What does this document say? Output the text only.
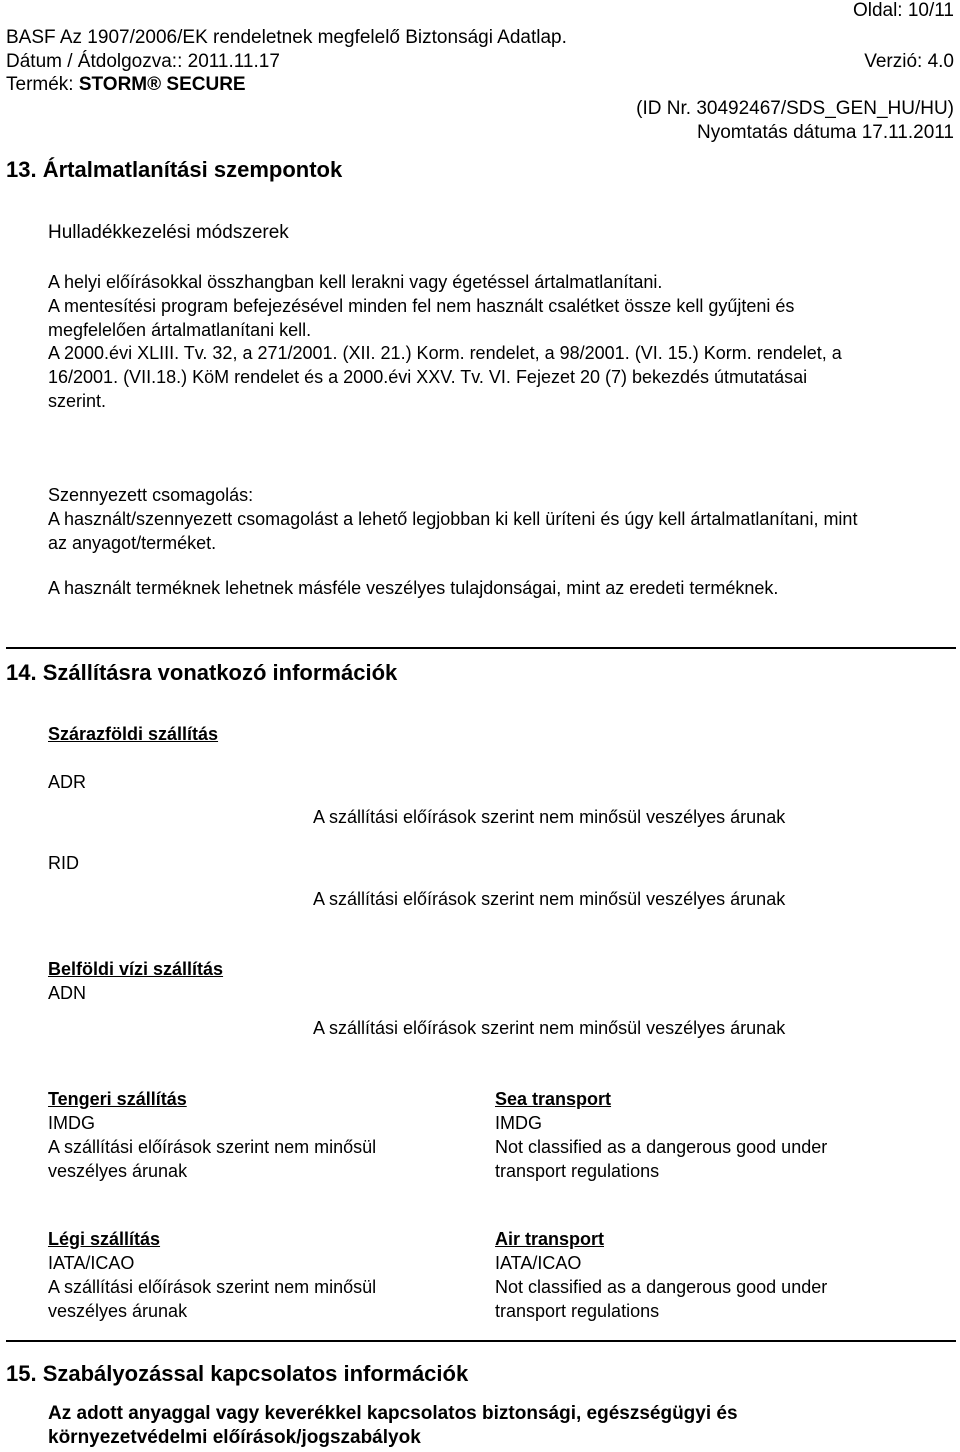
Oldal: 10/11
BASF Az 1907/2006/EK rendeletnek megfelelő Biztonsági Adatlap.
Dátum / Átdolgozva:: 2011.11.17	Verzió: 4.0
Termék: STORM® SECURE
(ID Nr. 30492467/SDS_GEN_HU/HU)
Nyomtatás dátuma 17.11.2011
13. Ártalmatlanítási szempontok
Hulladékkezelési módszerek
A helyi előírásokkal összhangban kell lerakni vagy égetéssel ártalmatlanítani.
A mentesítési program befejezésével minden fel nem használt csalétket össze kell gyűjteni és
megfelelően ártalmatlanítani kell.
A 2000.évi XLIII. Tv. 32, a 271/2001. (XII. 21.) Korm. rendelet, a 98/2001. (VI. 15.) Korm. rendelet, a
16/2001. (VII.18.) KöM rendelet és a 2000.évi XXV. Tv. VI. Fejezet 20 (7) bekezdés útmutatásai
szerint.
Szennyezett csomagolás:
A használt/szennyezett csomagolást a lehető legjobban ki kell üríteni és úgy kell ártalmatlanítani, mint
az anyagot/terméket.
A használt terméknek lehetnek másféle veszélyes tulajdonságai, mint az eredeti terméknek.
14. Szállításra vonatkozó információk
Szárazföldi szállítás
ADR
A szállítási előírások szerint nem minősül veszélyes árunak
RID
A szállítási előírások szerint nem minősül veszélyes árunak
Belföldi vízi szállítás
ADN
A szállítási előírások szerint nem minősül veszélyes árunak
Tengeri szállítás
IMDG
A szállítási előírások szerint nem minősül
veszélyes árunak
Sea transport
IMDG
Not classified as a dangerous good under
transport regulations
Légi szállítás
IATA/ICAO
A szállítási előírások szerint nem minősül
veszélyes árunak
Air transport
IATA/ICAO
Not classified as a dangerous good under
transport regulations
15. Szabályozással kapcsolatos információk
Az adott anyaggal vagy keverékkel kapcsolatos biztonsági, egészségügyi és
környezetvédelmi előírások/jogszabályok
